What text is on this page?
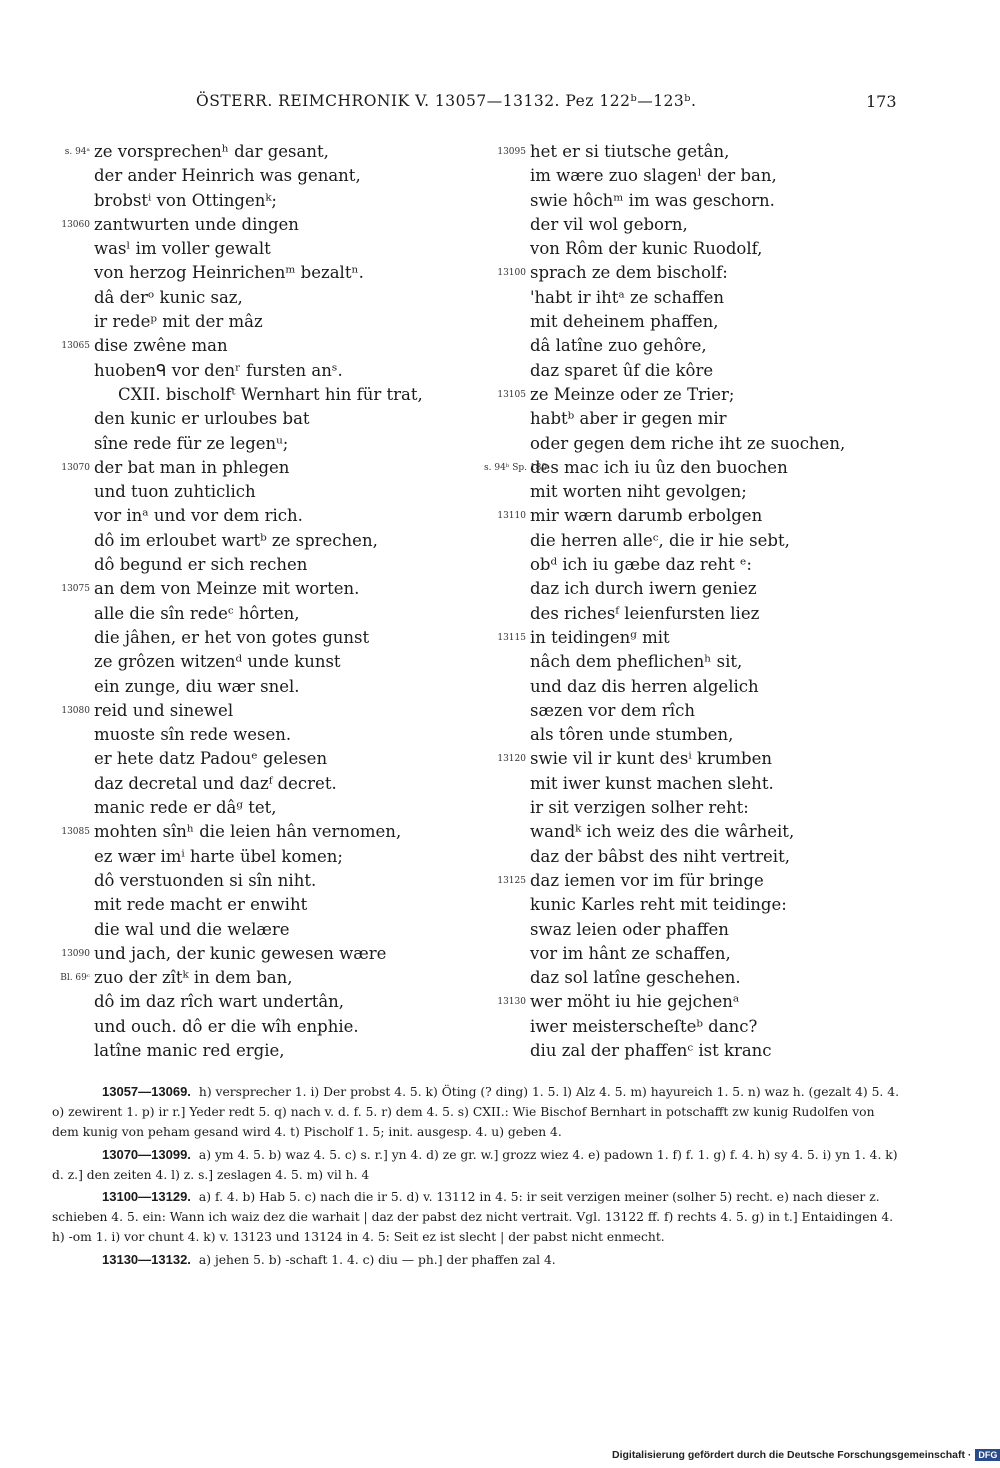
ÖSTERR. REIMCHRONIK V. 13057—13132. Pez 122ᵇ—123ᵇ.	173
s. 94ᵃ ze vorsprechenʰ dar gesant,
der ander Heinrich was genant,
brobstⁱ von Ottingenᵏ;
13060 zantwurten unde dingen
wasˡ im voller gewalt
von herzog Heinrichenᵐ bezaltⁿ.
dâ derᵒ kunic saz,
ir redeᵖ mit der mâz
13065 dise zwêne man
huobenᑫ vor denʳ fursten anˢ.
CXII. bischolfᵗ Wernhart hin für trat,
den kunic er urloubes bat
sîne rede für ze legenᵘ;
13070 der bat man in phlegen
und tuon zuhticlich
vor inᵃ und vor dem rich.
dô im erloubet wartᵇ ze sprechen,
dô begund er sich rechen
13075 an dem von Meinze mit worten.
alle die sîn redeᶜ hôrten,
die jâhen, er het von gotes gunst
ze grôzen witzenᵈ unde kunst
ein zunge, diu wær snel.
13080 reid und sinewel
muoste sîn rede wesen.
er hete datz Padouᵉ gelesen
daz decretal und dazᶠ decret.
manic rede er dâᵍ tet,
13085 mohten sînʰ die leien hân vernomen,
ez wær imⁱ harte übel komen;
dô verstuonden si sîn niht.
mit rede macht er enwiht
die wal und die welære
13090 und jach, der kunic gewesen wære
Bl. 69ᶜ zuo der zîtᵏ in dem ban,
dô im daz rîch wart undertân,
und ouch. dô er die wîh enphie.
latîne manic red ergie,
13095 het er si tiutsche getân,
im wære zuo slagenˡ der ban,
swie hôchᵐ im was geschorn.
der vil wol geborn,
von Rôm der kunic Ruodolf,
13100 sprach ze dem bischolf:
'habt ir ihtᵃ ze schaffen
mit deheinem phaffen,
dâ latîne zuo gehôre,
daz sparet ûf die kôre
13105 ze Meinze oder ze Trier;
habtᵇ aber ir gegen mir
oder gegen dem riche iht ze suochen,
s. 94ᵇ Sp. 180
des mac ich iu ûz den buochen
mit worten niht gevolgen;
13110 mir wærn darumb erbolgen
die herren alleᶜ, die ir hie sebt,
obᵈ ich iu gæbe daz reht ᵉ:
daz ich durch iwern geniez
des richesᶠ leienfursten liez
13115 in teidingenᵍ mit
nâch dem pheflichenʰ sit,
und daz dis herren algelich
sæzen vor dem rîch
als tôren unde stumben,
13120 swie vil ir kunt desⁱ krumben
mit iwer kunst machen sleht.
ir sit verzigen solher reht:
wandᵏ ich weiz des die wârheit,
daz der bâbst des niht vertreit,
13125 daz iemen vor im für bringe
kunic Karles reht mit teidinge:
swaz leien oder phaffen
vor im hânt ze schaffen,
daz sol latîne geschehen.
13130 wer möht iu hie gejchenᵃ
iwer meisterscheſteᵇ danc?
diu zal der phaffenᶜ ist kranc
13057—13069. h) versprecher 1. i) Der probst 4. 5. k) Öting (? ding) 1. 5. l) Alz 4. 5. m) hayureich 1. 5. n) waz h. (gezalt 4) 5. 4. o) zewirent 1. p) ir r.] Yeder redt 5. q) nach v. d. f. 5. r) dem 4. 5. s) CXII.: Wie Bischof Bernhart in potschafft zw kunig Rudolfen von dem kunig von peham gesand wird 4. t) Pischolf 1. 5; init. ausgesp. 4. u) geben 4.
13070—13099. a) ym 4. 5. b) waz 4. 5. c) s. r.] yn 4. d) ze gr. w.] grozz wiez 4. e) padown 1. f) f. 1. g) f. 4. h) sy 4. 5. i) yn 1. 4. k) d. z.] den zeiten 4. l) z. s.] zeslagen 4. 5. m) vil h. 4
13100—13129. a) f. 4. b) Hab 5. c) nach die ir 5. d) v. 13112 in 4. 5: ir seit verzigen meiner (solher 5) recht. e) nach dieser z. schieben 4. 5. ein: Wann ich waiz dez die warhait | daz der pabst dez nicht vertrait. Vgl. 13122 ff. f) rechts 4. 5. g) in t.] Entaidingen 4. h) -om 1. i) vor chunt 4. k) v. 13123 und 13124 in 4. 5: Seit ez ist slecht | der pabst nicht enmecht.
13130—13132. a) jehen 5. b) -schaft 1. 4. c) diu — ph.] der phaffen zal 4.
Digitalisierung gefördert durch die Deutsche Forschungsgemeinschaft · DFG
